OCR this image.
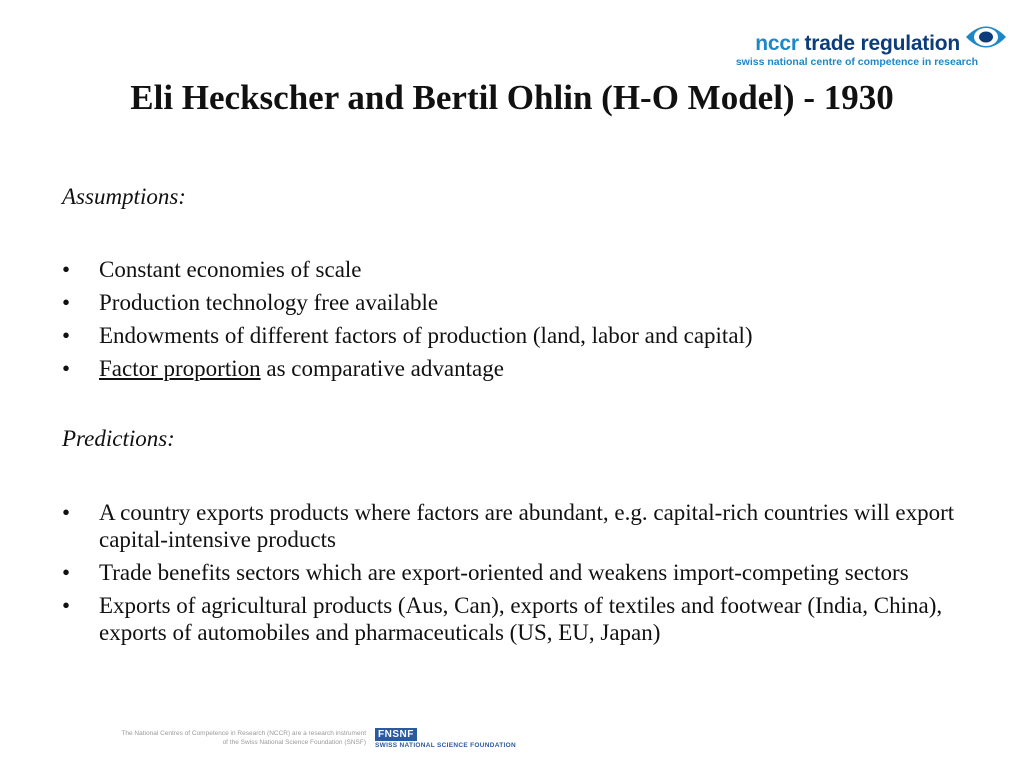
nccr trade regulation
swiss national centre of competence in research
Eli Heckscher and Bertil Ohlin (H-O Model) - 1930

Assumptions:

• Constant economies of scale
• Production technology free available
• Endowments of different factors of production (land, labor and capital)
• Factor proportion as comparative advantage

Predictions:

• A country exports products where factors are abundant, e.g. capital-rich countries will export capital-intensive products
• Trade benefits sectors which are export-oriented and weakens import-competing sectors
• Exports of agricultural products (Aus, Can), exports of textiles and footwear (India, China), exports of automobiles and pharmaceuticals (US, EU, Japan)
The National Centres of Competence in Research (NCCR) are a research instrument
of the Swiss National Science Foundation (SNSF)
FNSNF
SWISS NATIONAL SCIENCE FOUNDATION
